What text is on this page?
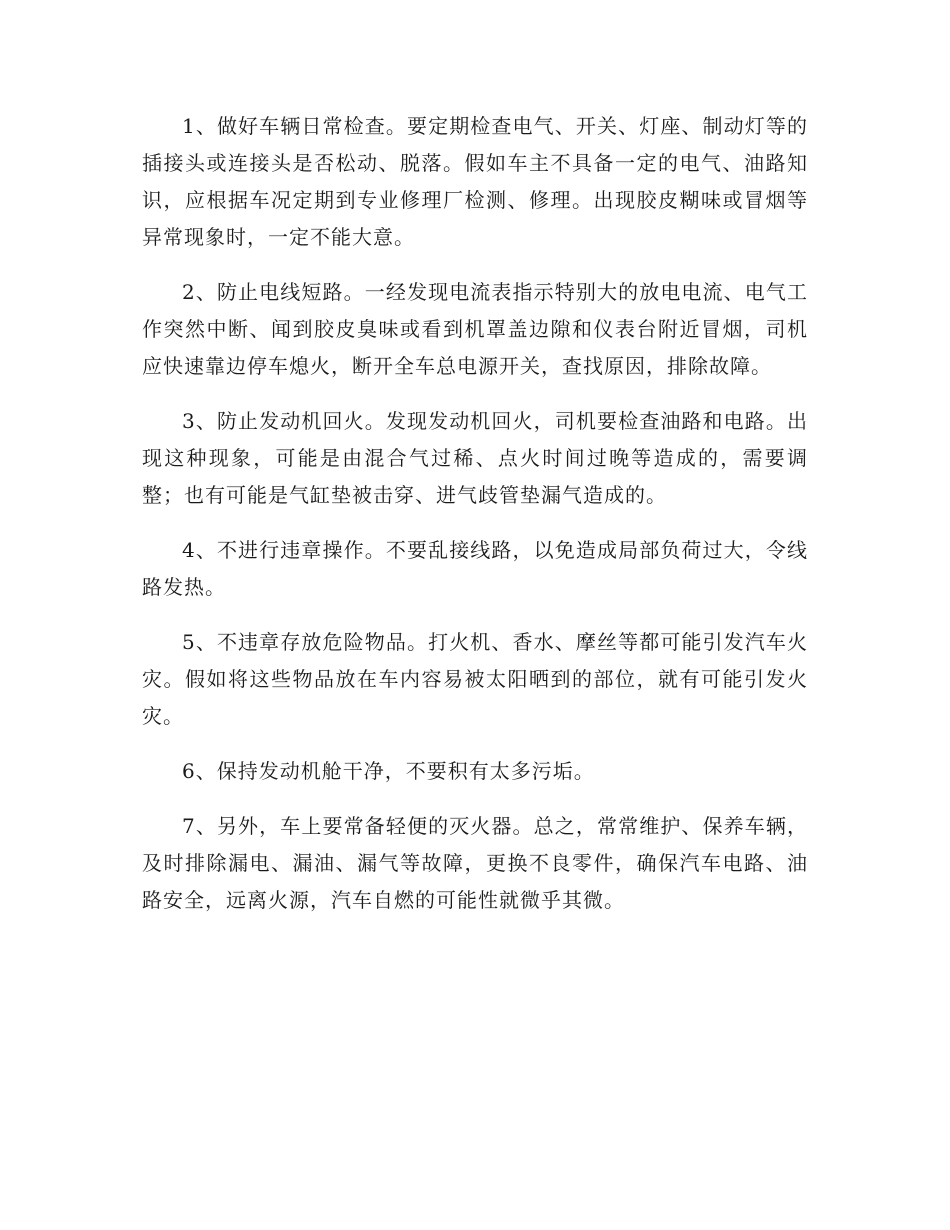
1、做好车辆日常检查。要定期检查电气、开关、灯座、制动灯等的插接头或连接头是否松动、脱落。假如车主不具备一定的电气、油路知识，应根据车况定期到专业修理厂检测、修理。出现胶皮糊味或冒烟等异常现象时，一定不能大意。

2、防止电线短路。一经发现电流表指示特别大的放电电流、电气工作突然中断、闻到胶皮臭味或看到机罩盖边隙和仪表台附近冒烟，司机应快速靠边停车熄火，断开全车总电源开关，查找原因，排除故障。

3、防止发动机回火。发现发动机回火，司机要检查油路和电路。出现这种现象，可能是由混合气过稀、点火时间过晚等造成的，需要调整；也有可能是气缸垫被击穿、进气歧管垫漏气造成的。

4、不进行违章操作。不要乱接线路，以免造成局部负荷过大，令线路发热。

5、不违章存放危险物品。打火机、香水、摩丝等都可能引发汽车火灾。假如将这些物品放在车内容易被太阳晒到的部位，就有可能引发火灾。

6、保持发动机舱干净，不要积有太多污垢。

7、另外，车上要常备轻便的灭火器。总之，常常维护、保养车辆，及时排除漏电、漏油、漏气等故障，更换不良零件，确保汽车电路、油路安全，远离火源，汽车自燃的可能性就微乎其微。
